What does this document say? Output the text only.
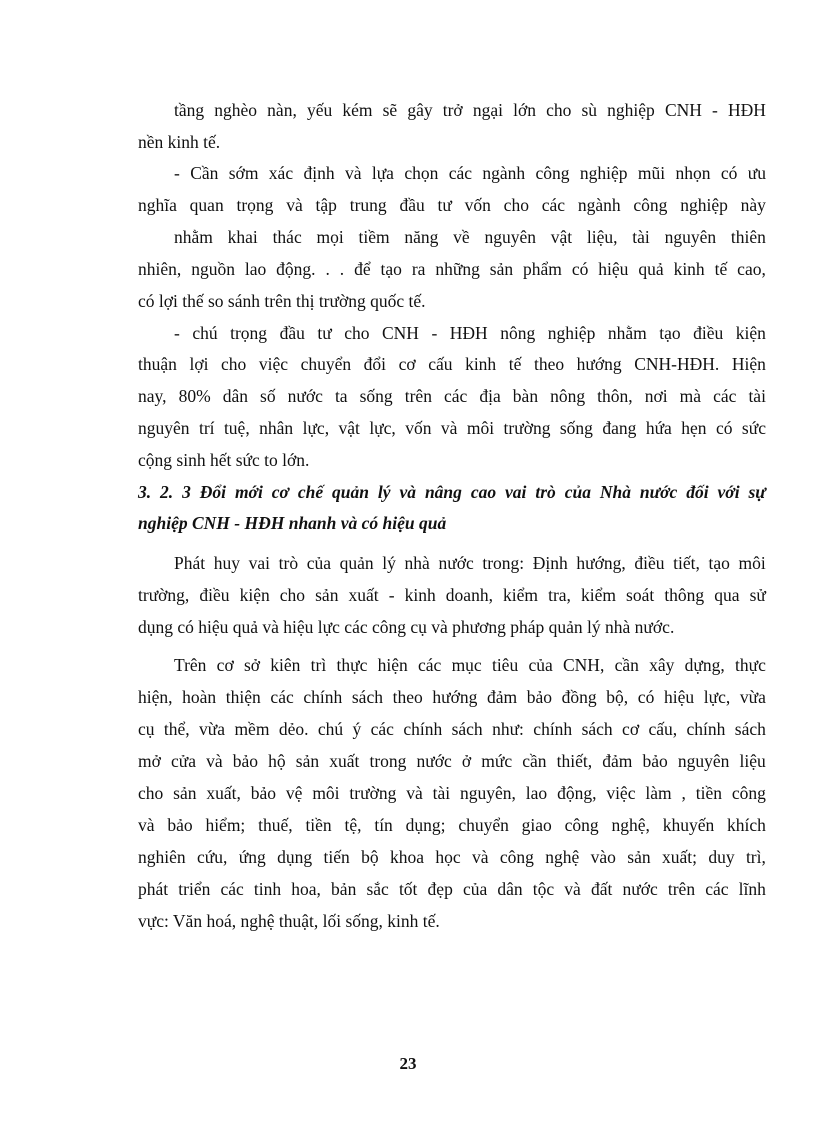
tầng nghèo nàn, yếu kém sẽ gây trở ngại lớn cho sù nghiệp CNH - HĐH
nền kinh tế.
- Cần sớm xác định và lựa chọn các ngành công nghiệp mũi nhọn có ưu
nghĩa quan trọng và tập trung đầu tư vốn cho các ngành công nghiệp này
nhằm khai thác mọi tiềm năng về nguyên vật liệu, tài nguyên thiên
nhiên, nguồn lao động. . . để tạo ra những sản phẩm có hiệu quả kinh tế cao,
có lợi thế so sánh trên thị trường quốc tế.
- chú trọng đầu tư cho CNH - HĐH nông nghiệp nhằm tạo điều kiện
thuận lợi cho việc chuyển đổi cơ cấu kinh tế theo hướng CNH-HĐH. Hiện
nay, 80% dân số nước ta sống trên các địa bàn nông thôn, nơi mà các tài
nguyên trí tuệ, nhân lực, vật lực, vốn và môi trường sống đang hứa hẹn có sức
cộng sinh hết sức to lớn.
3. 2. 3 Đổi mới cơ chế quản lý và nâng cao vai trò của Nhà nước đối với sự
nghiệp CNH - HĐH nhanh và có hiệu quả
Phát huy vai trò của quản lý nhà nước trong: Định hướng, điều tiết, tạo môi
trường, điều kiện cho sản xuất - kinh doanh, kiểm tra, kiểm soát thông qua sử
dụng có hiệu quả và hiệu lực các công cụ và phương pháp quản lý nhà nước.
Trên cơ sở kiên trì thực hiện các mục tiêu của CNH, cần xây dựng, thực
hiện, hoàn thiện các chính sách theo hướng đảm bảo đồng bộ, có hiệu lực, vừa
cụ thể, vừa mềm dẻo. chú ý các chính sách như: chính sách cơ cấu, chính sách
mở cửa và bảo hộ sản xuất trong nước ở mức cần thiết, đảm bảo nguyên liệu
cho sản xuất, bảo vệ môi trường và tài nguyên, lao động, việc làm , tiền công
và bảo hiểm; thuế, tiền tệ, tín dụng; chuyển giao công nghệ, khuyến khích
nghiên cứu, ứng dụng tiến bộ khoa học và công nghệ vào sản xuất; duy trì,
phát triển các tinh hoa, bản sắc tốt đẹp của dân tộc và đất nước trên các lĩnh
vực: Văn hoá, nghệ thuật, lối sống, kinh tế.
23
